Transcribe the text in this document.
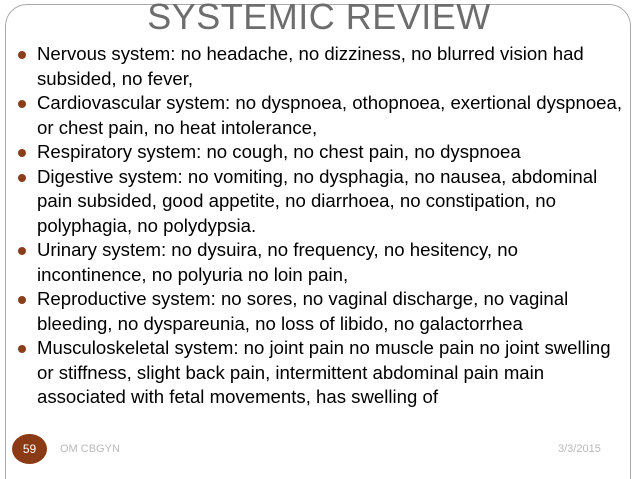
SYSTEMIC REVIEW
Nervous system: no headache, no dizziness, no blurred vision had subsided, no fever,
Cardiovascular system: no dyspnoea, othopnoea, exertional dyspnoea, or chest pain, no heat intolerance,
Respiratory system: no cough, no chest pain, no dyspnoea
Digestive system: no vomiting, no dysphagia, no nausea, abdominal pain subsided, good appetite, no diarrhoea, no constipation, no polyphagia, no polydypsia.
Urinary system: no dysuira, no frequency, no hesitency, no incontinence, no polyuria no loin pain,
Reproductive system: no sores, no vaginal discharge, no vaginal bleeding, no dyspareunia, no loss of libido, no galactorrhea
Musculoskeletal system: no joint pain no muscle pain no joint swelling or stiffness, slight back pain, intermittent abdominal pain main associated with fetal movements, has swelling of
59	OM CBGYN	3/3/2015
